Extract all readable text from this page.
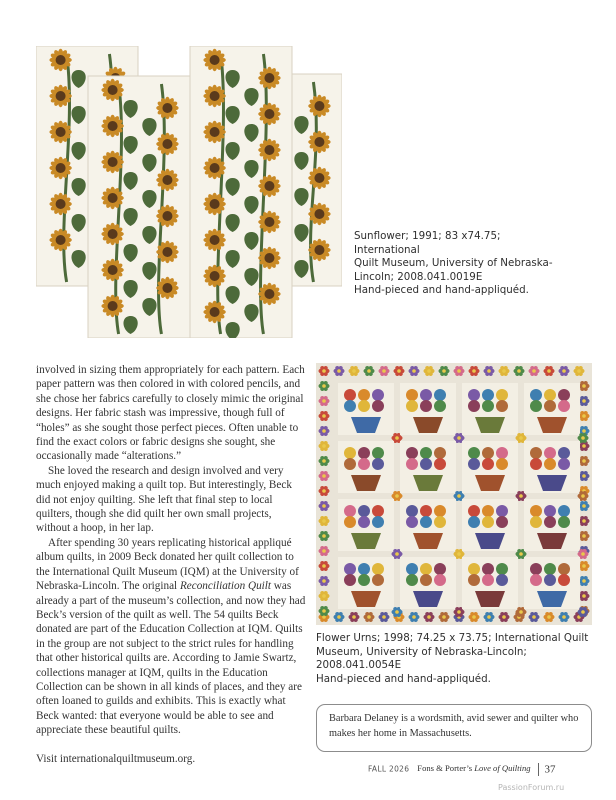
Sunflower; 1991; 83 x74.75; International
Quilt Museum, University of Nebraska-
Lincoln; 2008.041.0019E
Hand-pieced and hand-appliquéd.

involved in sizing them appropriately for each pattern. Each paper pattern was then colored in with colored pencils, and she chose her fabrics carefully to closely mimic the original designs. Her fabric stash was impressive, though full of “holes” as she sought those perfect pieces. Often unable to find the exact colors or fabric designs she sought, she occasionally made “alterations.”

She loved the research and design involved and very much enjoyed making a quilt top. But interestingly, Beck did not enjoy quilting. She left that final step to local quilters, though she did quilt her own small projects, without a hoop, in her lap.

After spending 30 years replicating historical appliqué album quilts, in 2009 Beck donated her quilt collection to the International Quilt Museum (IQM) at the University of Nebraska-Lincoln. The original Reconciliation Quilt was already a part of the museum’s collection, and now they had Beck’s version of the quilt as well. The 54 quilts Beck donated are part of the Education Collection at IQM. Quilts in the group are not subject to the strict rules for handling that other historical quilts are. According to Jamie Swartz, collections manager at IQM, quilts in the Education Collection can be shown in all kinds of places, and they are often loaned to guilds and exhibits. This is exactly what Beck wanted: that everyone would be able to see and appreciate these beautiful quilts.

Visit internationalquiltmuseum.org.

Flower Urns; 1998; 74.25 x 73.75; International Quilt
Museum, University of Nebraska-Lincoln; 2008.041.0054E
Hand-pieced and hand-appliquéd.
Barbara Delaney is a wordsmith, avid sewer and quilter who makes her home in Massachusetts.
FALL 2026 Fons & Porter’s Love of Quilting 37
PassionForum.ru
